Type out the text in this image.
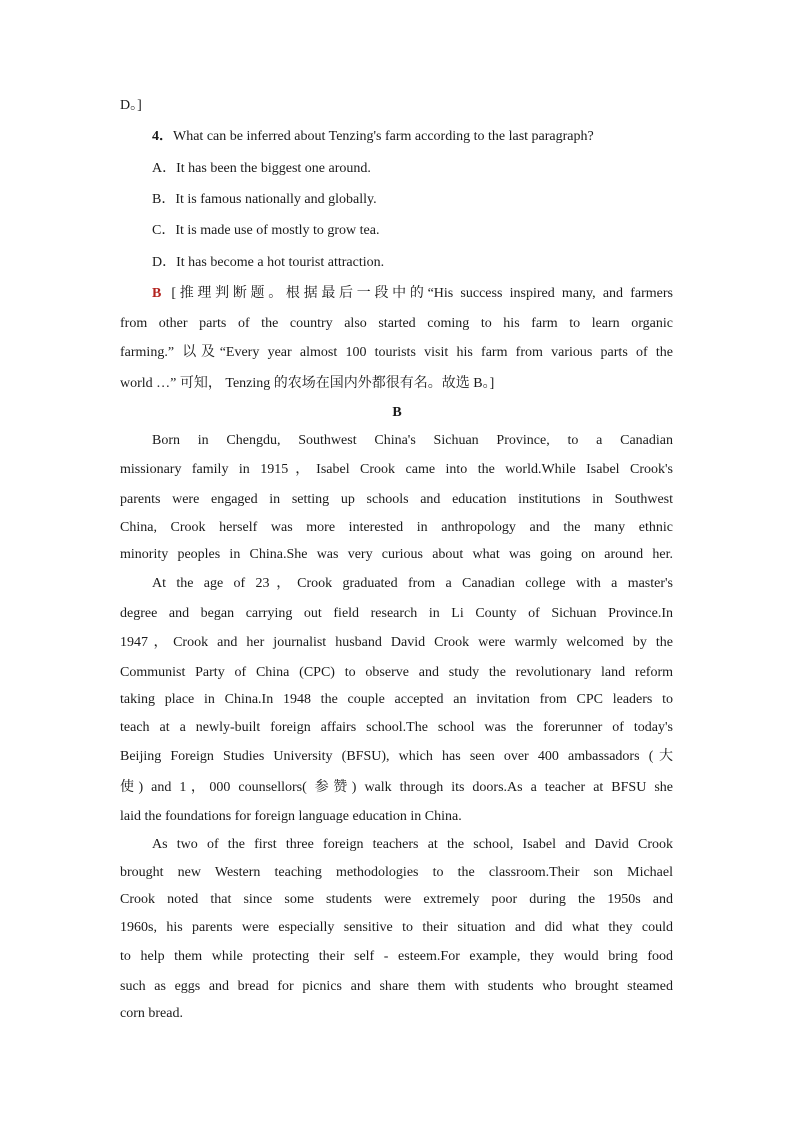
D。]
4．What can be inferred about Tenzing's farm according to the last paragraph?
A．It has been the biggest one around.
B．It is famous nationally and globally.
C．It is made use of mostly to grow tea.
D．It has become a hot tourist attraction.
B [推理判断题。根据最后一段中的“His success inspired many, and farmers
from other parts of the country also started coming to his farm to learn organic
farming.” 以及“Every year almost 100 tourists visit his farm from various parts of the
world …” 可知， Tenzing 的农场在国内外都很有名。故选 B。]
B
Born in Chengdu, Southwest China's Sichuan Province, to a Canadian
missionary family in 1915，Isabel Crook came into the world.While Isabel Crook's
parents were engaged in setting up schools and education institutions in Southwest
China, Crook herself was more interested in anthropology and the many ethnic
minority peoples in China.She was very curious about what was going on around her.
At the age of 23，Crook graduated from a Canadian college with a master's
degree and began carrying out field research in Li County of Sichuan Province.In
1947，Crook and her journalist husband David Crook were warmly welcomed by the
Communist Party of China (CPC) to observe and study the revolutionary land reform
taking place in China.In 1948 the couple accepted an invitation from CPC leaders to
teach at a newly-built foreign affairs school.The school was the forerunner of today's
Beijing Foreign Studies University (BFSU), which has seen over 400 ambassadors (大
使) and 1，000 counsellors( 参赞) walk through its doors.As a teacher at BFSU she
laid the foundations for foreign language education in China.
As two of the first three foreign teachers at the school, Isabel and David Crook
brought new Western teaching methodologies to the classroom.Their son Michael
Crook noted that since some students were extremely poor during the 1950s and
1960s, his parents were especially sensitive to their situation and did what they could
to help them while protecting their self - esteem.For example, they would bring food
such as eggs and bread for picnics and share them with students who brought steamed
corn bread.
